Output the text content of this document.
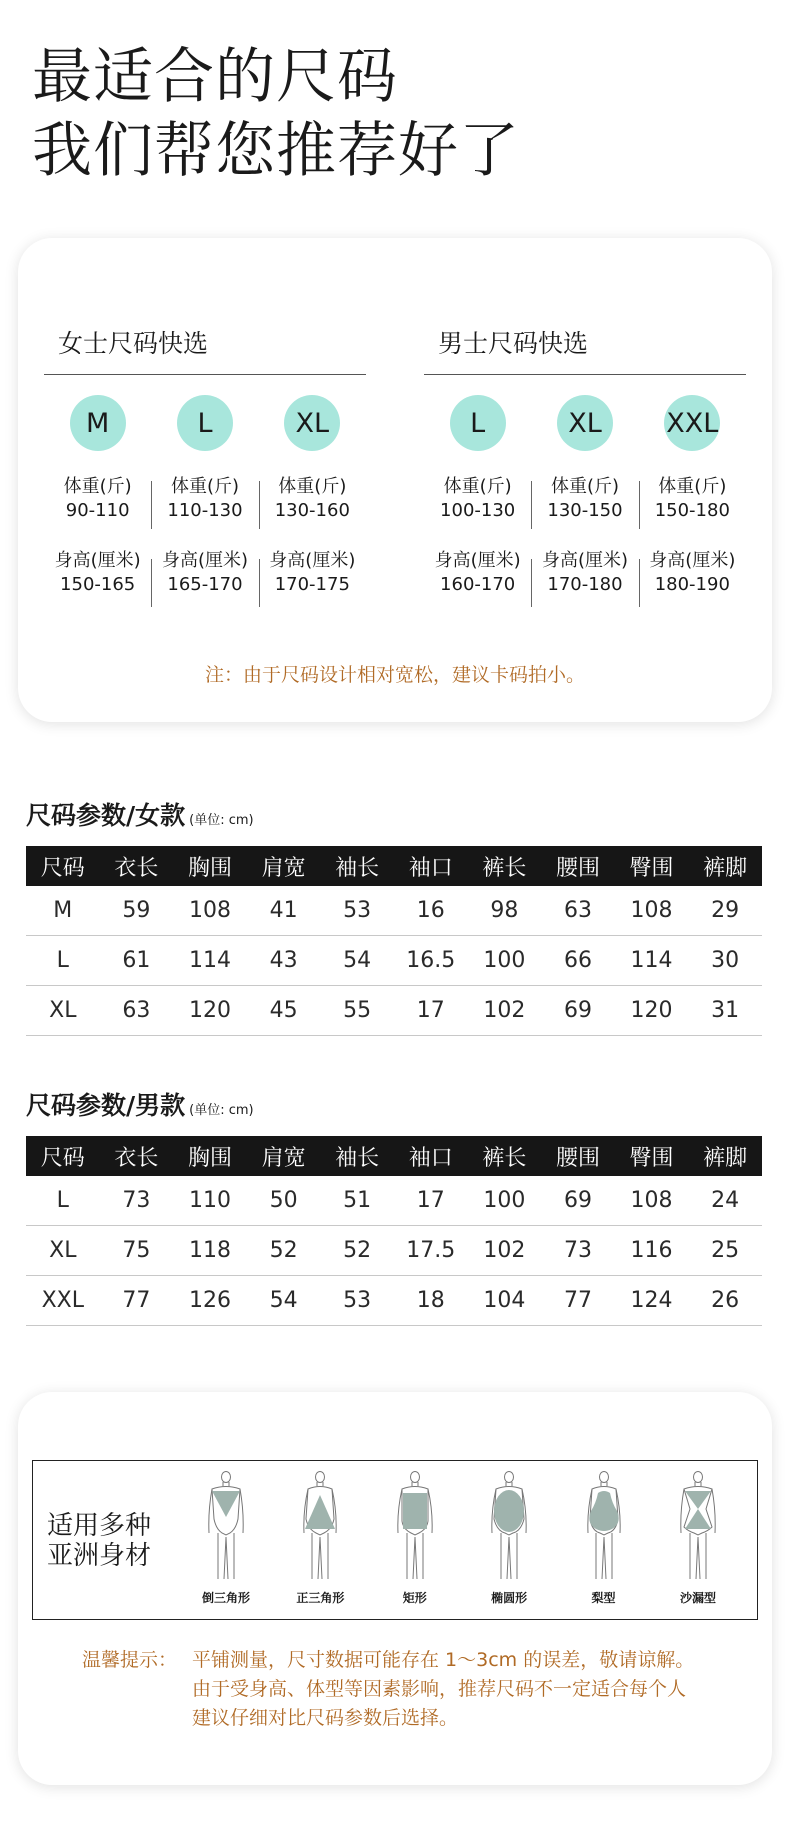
最适合的尺码
我们帮您推荐好了
女士尺码快选
M
体重(斤)
90-110
身高(厘米)
150-165
L
体重(斤)
110-130
身高(厘米)
165-170
XL
体重(斤)
130-160
身高(厘米)
170-175
男士尺码快选
L
体重(斤)
100-130
身高(厘米)
160-170
XL
体重(斤)
130-150
身高(厘米)
170-180
XXL
体重(斤)
150-180
身高(厘米)
180-190
注：由于尺码设计相对宽松，建议卡码拍小。
尺码参数/女款 (单位: cm)
尺码	衣长	胸围	肩宽	袖长	袖口	裤长	腰围	臀围	裤脚
M	59	108	41	53	16	98	63	108	29
L	61	114	43	54	16.5	100	66	114	30
XL	63	120	45	55	17	102	69	120	31
尺码参数/男款 (单位: cm)
尺码	衣长	胸围	肩宽	袖长	袖口	裤长	腰围	臀围	裤脚
L	73	110	50	51	17	100	69	108	24
XL	75	118	52	52	17.5	102	73	116	25
XXL	77	126	54	53	18	104	77	124	26
适用多种
亚洲身材
倒三角形	正三角形	矩形	椭圆形	梨型	沙漏型
温馨提示： 平铺测量，尺寸数据可能存在 1～3cm 的误差，敬请谅解。
由于受身高、体型等因素影响，推荐尺码不一定适合每个人
建议仔细对比尺码参数后选择。
